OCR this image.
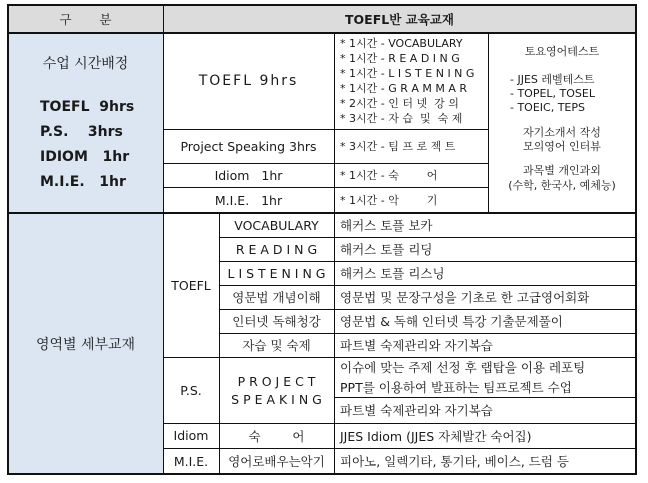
구       분	TOEFL반 교육교재
수업 시간배정
TOEFL  9hrs
P.S.    3hrs
IDIOM   1hr
M.I.E.   1hr
TOEFL 9hrs
Project Speaking 3hrs
Idiom   1hr
M.I.E.   1hr
* 1시간 - VOCABULARY
* 1시간 - R E A D I N G
* 1시간 - L I S T E N I N G
* 1시간 - G R A M M A R
* 2시간 - 인 터 넷  강 의
* 3시간 - 자 습  및  숙 제
* 3시간 - 팀 프 로 젝 트
* 1시간 - 숙        어
* 1시간 - 악        기
토요영어테스트
- JJES 레벨테스트
- TOPEL, TOSEL
- TOEIC, TEPS
자기소개서 작성
모의영어 인터뷰
과목별 개인과외
(수학, 한국사, 예체능)
영역별 세부교재
TOEFL
P.S.
Idiom
M.I.E.
VOCABULARY
R E A D I N G
L I S T E N I N G
영문법 개념이해
인터넷 독해청강
자습 및 숙제
P R O J E C T
S P E A K I N G
숙        어
영어로배우는악기
해커스 토플 보카
해커스 토플 리딩
해커스 토플 리스닝
영문법 및 문장구성을 기초로 한 고급영어회화
영문법 & 독해 인터넷 특강 기출문제풀이
파트별 숙제관리와 자기복습
이슈에 맞는 주제 선정 후 랩탑을 이용 레포팅
PPT를 이용하여 발표하는 팀프로젝트 수업
파트별 숙제관리와 자기복습
JJES Idiom (JJES 자체발간 숙어집)
피아노, 일렉기타, 통기타, 베이스, 드럼 등
